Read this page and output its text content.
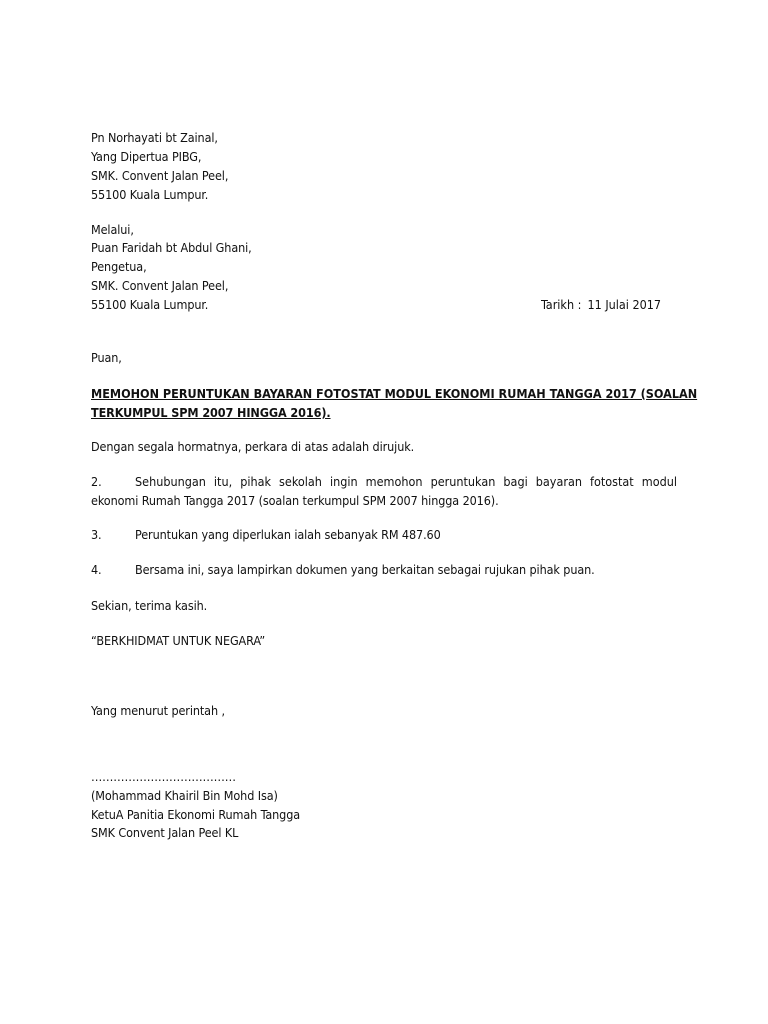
Pn Norhayati bt Zainal,
Yang Dipertua PIBG,
SMK. Convent Jalan Peel,
55100 Kuala Lumpur.
Melalui,
Puan Faridah bt Abdul Ghani,
Pengetua,
SMK. Convent Jalan Peel,
55100 Kuala Lumpur.	Tarikh : 11 Julai 2017
Puan,
MEMOHON PERUNTUKAN BAYARAN FOTOSTAT MODUL EKONOMI RUMAH TANGGA 2017 (SOALAN
TERKUMPUL SPM 2007 HINGGA 2016).
Dengan segala hormatnya, perkara di atas adalah dirujuk.
2.	Sehubungan itu, pihak sekolah ingin memohon peruntukan bagi bayaran fotostat modul
ekonomi Rumah Tangga 2017 (soalan terkumpul SPM 2007 hingga 2016).
3.	Peruntukan yang diperlukan ialah sebanyak RM 487.60
4.	Bersama ini, saya lampirkan dokumen yang berkaitan sebagai rujukan pihak puan.
Sekian, terima kasih.
“BERKHIDMAT UNTUK NEGARA”
Yang menurut perintah ,
…………………………………
(Mohammad Khairil Bin Mohd Isa)
KetuA Panitia Ekonomi Rumah Tangga
SMK Convent Jalan Peel KL
